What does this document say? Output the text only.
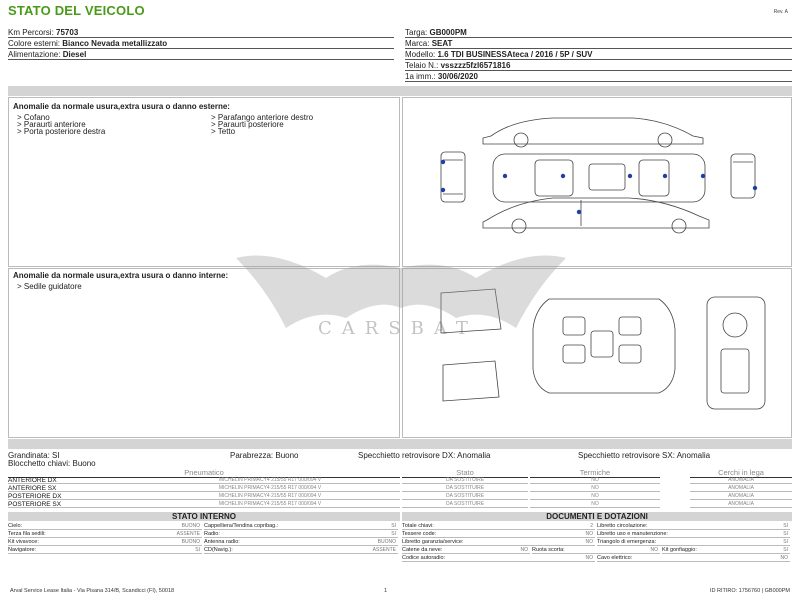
STATO DEL VEICOLO	Rev. A
Km Percorsi: 75703
Colore esterni: Bianco Nevada metallizzato
Alimentazione: Diesel
Targa: GB000PM
Marca: SEAT
Modello: 1.6 TDI BUSINESSAteca / 2016 / 5P / SUV
Telaio N.: vsszzz5fzl6571816
1a imm.: 30/06/2020
Anomalie da normale usura,extra usura o danno esterne:
> Cofano
> Paraurti anteriore
> Porta posteriore destra
> Parafango anteriore destro
> Paraurti posteriore
> Tetto
Anomalie da normale usura,extra usura o danno interne:
> Sedile guidatore
CARSBAT
Grandinata: SI	Parabrezza: Buono	Specchietto retrovisore DX: Anomalia	Specchietto retrovisore SX: Anomalia
Blocchetto chiavi: Buono
Pneumatico	Stato	Termiche	Cerchi in lega
ANTERIORE DX	MICHELIN PRIMACY4 215/55 R17 000/094 V	DA SOSTITUIRE	NO	ANOMALIA
ANTERIORE SX	MICHELIN PRIMACY4 215/55 R17 000/094 V	DA SOSTITUIRE	NO	ANOMALIA
POSTERIORE DX	MICHELIN PRIMACY4 215/55 R17 000/094 V	DA SOSTITUIRE	NO	ANOMALIA
POSTERIORE SX	MICHELIN PRIMACY4 215/55 R17 000/094 V	DA SOSTITUIRE	NO	ANOMALIA
STATO INTERNO
Cielo:	BUONO Cappelliera/Tendina copribag.:	SI
Terza fila sedili:	ASSENTE Radio:	SI
Kit vivavoce:	BUONO Antenna radio:	BUONO
Navigatore:	SI CD(Navig.):	ASSENTE
DOCUMENTI E DOTAZIONI
Totale chiavi:	2 Libretto circolazione:	SI
Tessere code:	NO Libretto uso e manutenzione:	SI
Libretto garanzia/service:	NO Triangolo di emergenza:	SI
Catene da neve:	NO Ruota scorta:	NO Kit gonfiaggio:	SI
Codice autoradio:	NO Cavo elettrico:	NO
Arval Service Lease Italia - Via Pisana 314/B, Scandicci (FI), 50018	1	ID RITIRO: 1756760 | GB000PM
